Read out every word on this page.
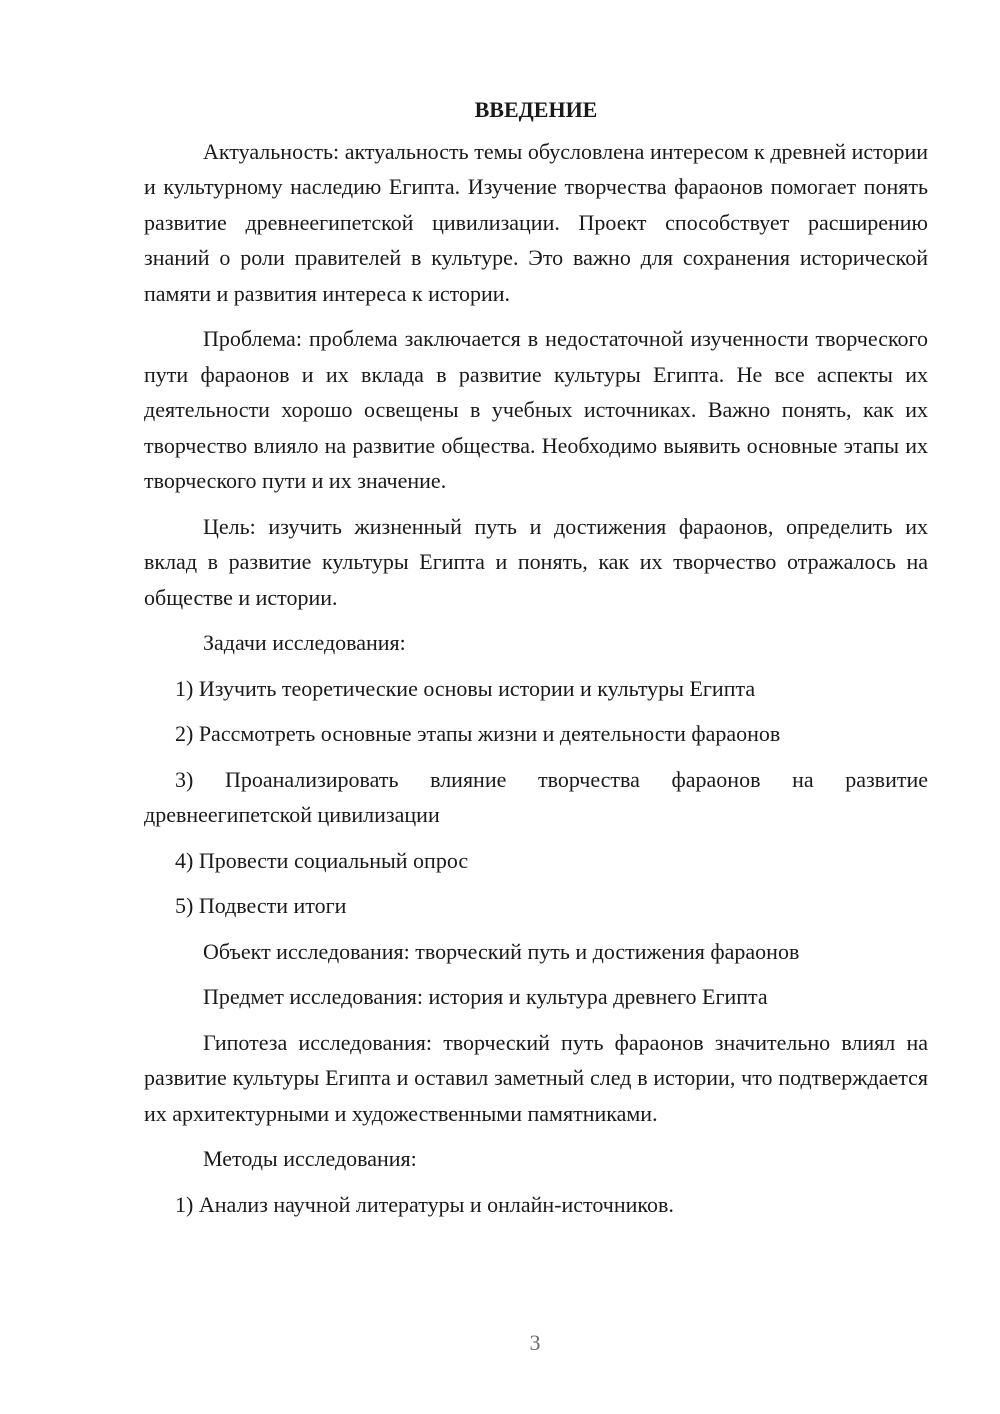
ВВЕДЕНИЕ

Актуальность: актуальность темы обусловлена интересом к древней истории и культурному наследию Египта. Изучение творчества фараонов помогает понять развитие древнеегипетской цивилизации. Проект способствует расширению знаний о роли правителей в культуре. Это важно для сохранения исторической памяти и развития интереса к истории.

Проблема: проблема заключается в недостаточной изученности творческого пути фараонов и их вклада в развитие культуры Египта. Не все аспекты их деятельности хорошо освещены в учебных источниках. Важно понять, как их творчество влияло на развитие общества. Необходимо выявить основные этапы их творческого пути и их значение.

Цель: изучить жизненный путь и достижения фараонов, определить их вклад в развитие культуры Египта и понять, как их творчество отражалось на обществе и истории.

Задачи исследования:

1) Изучить теоретические основы истории и культуры Египта

2) Рассмотреть основные этапы жизни и деятельности фараонов

3) Проанализировать влияние творчества фараонов на развитие древнеегипетской цивилизации

4) Провести социальный опрос

5) Подвести итоги

Объект исследования: творческий путь и достижения фараонов

Предмет исследования: история и культура древнего Египта

Гипотеза исследования: творческий путь фараонов значительно влиял на развитие культуры Египта и оставил заметный след в истории, что подтверждается их архитектурными и художественными памятниками.

Методы исследования:

1) Анализ научной литературы и онлайн-источников.

3
